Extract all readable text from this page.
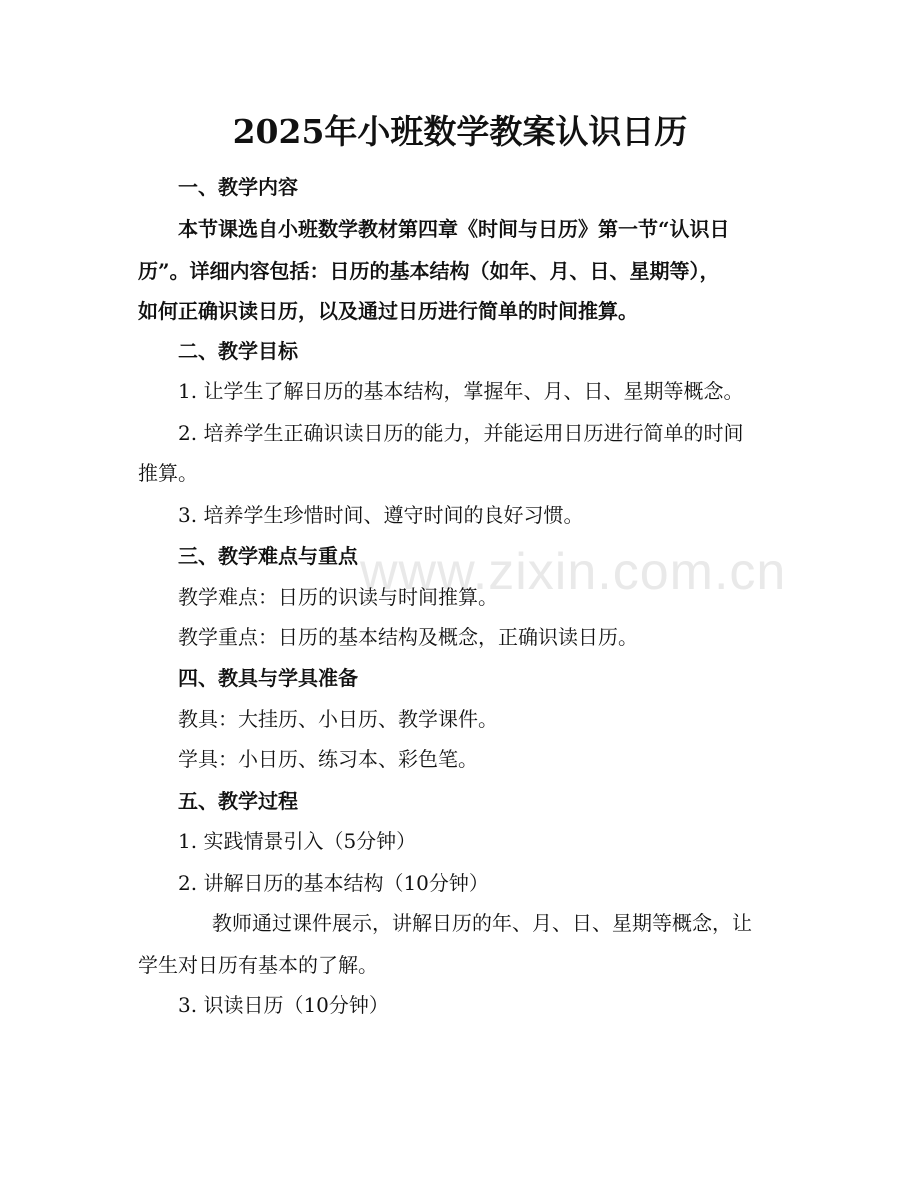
www.zixin.com.cn
2025年小班数学教案认识日历
一、教学内容
本节课选自小班数学教材第四章《时间与日历》第一节“认识日
历”。详细内容包括：日历的基本结构（如年、月、日、星期等），
如何正确识读日历，以及通过日历进行简单的时间推算。
二、教学目标
1. 让学生了解日历的基本结构，掌握年、月、日、星期等概念。
2. 培养学生正确识读日历的能力，并能运用日历进行简单的时间
推算。
3. 培养学生珍惜时间、遵守时间的良好习惯。
三、教学难点与重点
教学难点：日历的识读与时间推算。
教学重点：日历的基本结构及概念，正确识读日历。
四、教具与学具准备
教具：大挂历、小日历、教学课件。
学具：小日历、练习本、彩色笔。
五、教学过程
1. 实践情景引入（5分钟）
2. 讲解日历的基本结构（10分钟）
教师通过课件展示，讲解日历的年、月、日、星期等概念，让
学生对日历有基本的了解。
3. 识读日历（10分钟）
